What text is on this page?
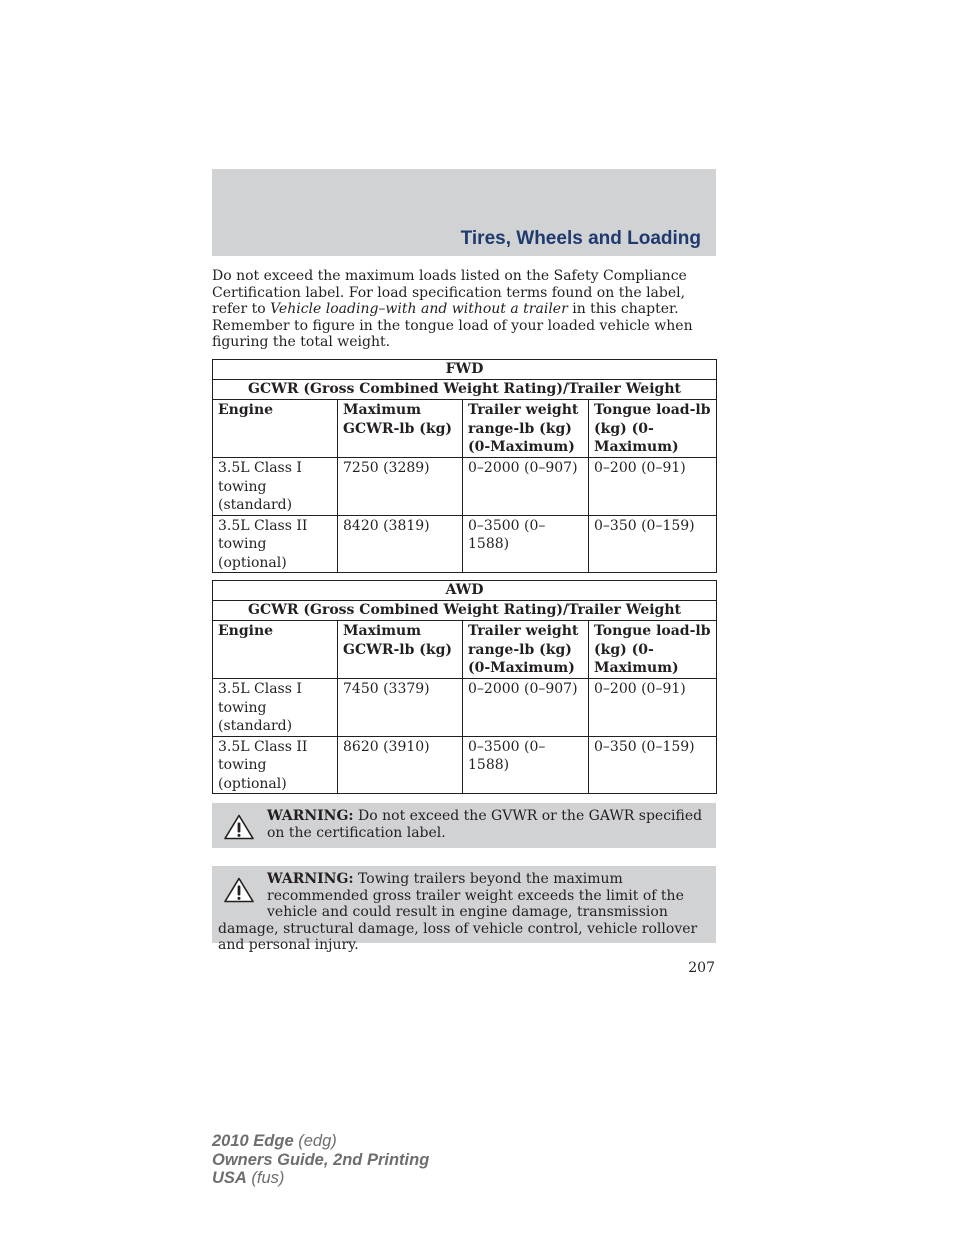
Tires, Wheels and Loading

Do not exceed the maximum loads listed on the Safety Compliance Certification label. For load specification terms found on the label, refer to Vehicle loading–with and without a trailer in this chapter. Remember to figure in the tongue load of your loaded vehicle when figuring the total weight.

FWD			
GCWR (Gross Combined Weight Rating)/Trailer Weight			
Engine	Maximum GCWR-lb (kg)	Trailer weight range-lb (kg) (0-Maximum)	Tongue load-lb (kg) (0-Maximum)
3.5L Class I towing (standard)	7250 (3289)	0–2000 (0–907)	0–200 (0–91)
3.5L Class II towing (optional)	8420 (3819)	0–3500 (0–1588)	0–350 (0–159)
AWD			
GCWR (Gross Combined Weight Rating)/Trailer Weight			
Engine	Maximum GCWR-lb (kg)	Trailer weight range-lb (kg) (0-Maximum)	Tongue load-lb (kg) (0-Maximum)
3.5L Class I towing (standard)	7450 (3379)	0–2000 (0–907)	0–200 (0–91)
3.5L Class II towing (optional)	8620 (3910)	0–3500 (0–1588)	0–350 (0–159)
WARNING: Do not exceed the GVWR or the GAWR specified on the certification label.
WARNING: Towing trailers beyond the maximum recommended gross trailer weight exceeds the limit of the vehicle and could result in engine damage, transmission damage, structural damage, loss of vehicle control, vehicle rollover and personal injury.
207
2010 Edge (edg)
Owners Guide, 2nd Printing
USA (fus)
